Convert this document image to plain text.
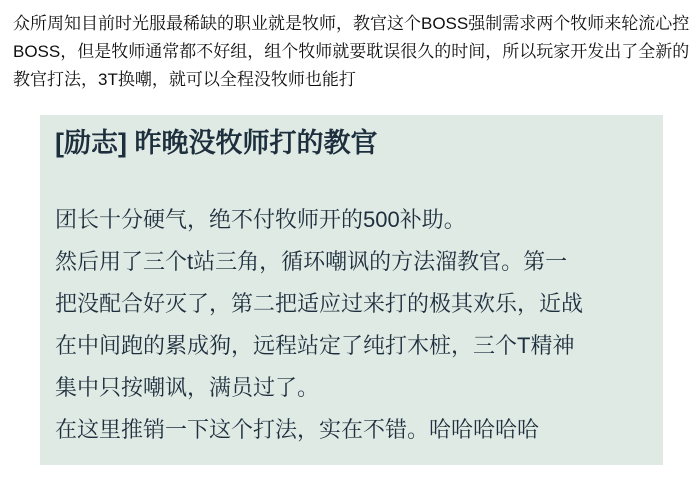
众所周知目前时光服最稀缺的职业就是牧师，教官这个BOSS强制需求两个牧师来轮流心控
BOSS，但是牧师通常都不好组，组个牧师就要耽误很久的时间，所以玩家开发出了全新的
教官打法，3T换嘲，就可以全程没牧师也能打
[励志] 昨晚没牧师打的教官
团长十分硬气，绝不付牧师开的500补助。
然后用了三个t站三角，循环嘲讽的方法溜教官。第一
把没配合好灭了，第二把适应过来打的极其欢乐，近战
在中间跑的累成狗，远程站定了纯打木桩，三个T精神
集中只按嘲讽，满员过了。
在这里推销一下这个打法，实在不错。哈哈哈哈哈
